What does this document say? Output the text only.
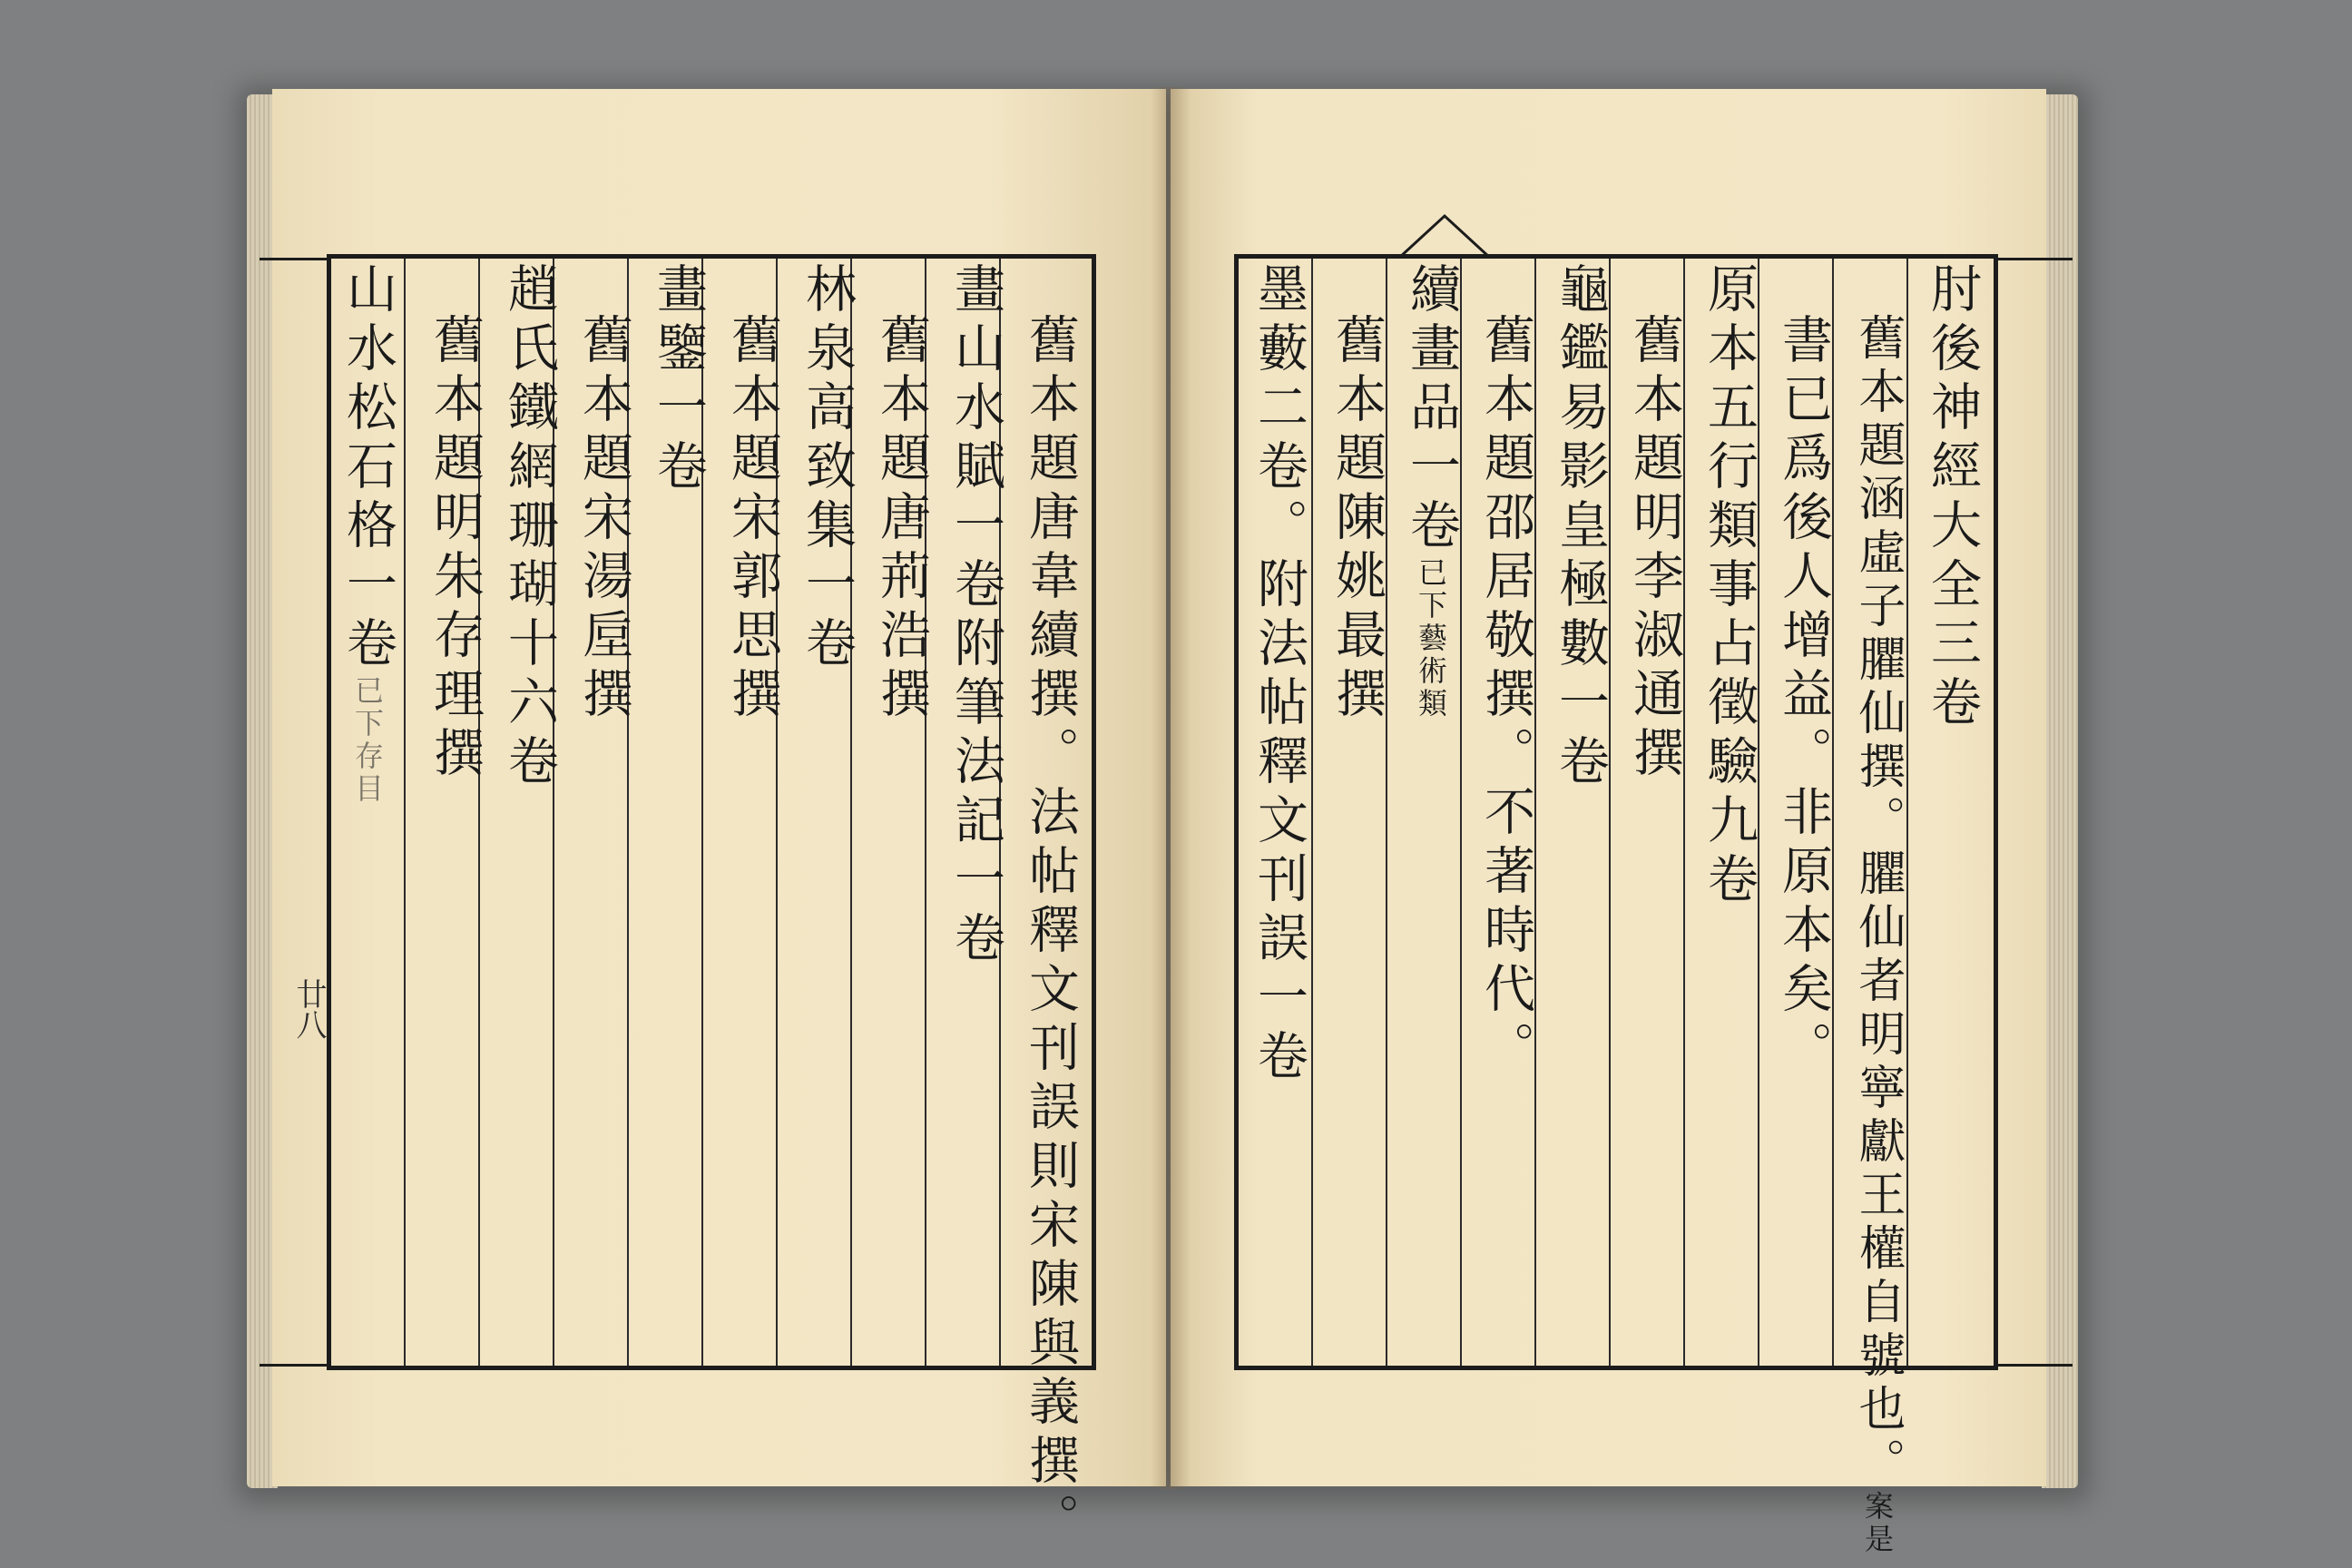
舊本題唐韋續撰。法帖釋文刊誤則宋陳與義撰。
畫山水賦一卷附筆法記一卷
舊本題唐荊浩撰
林泉高致集一卷
舊本題宋郭思撰
畫鑒一卷
舊本題宋湯垕撰
趙氏鐵網珊瑚十六卷
舊本題明朱存理撰
山水松石格一卷已下存目
廿八
肘後神經大全三卷
舊本題涵虛子臞仙撰。臞仙者明寧獻王權自號也。案是
書已爲後人增益。非原本矣。
原本五行類事占徵驗九卷
舊本題明李淑通撰
龜鑑易影皇極數一卷
舊本題邵居敬撰。不著時代。
續畫品一卷已下藝術類
舊本題陳姚最撰
墨藪二卷。附法帖釋文刊誤一卷
